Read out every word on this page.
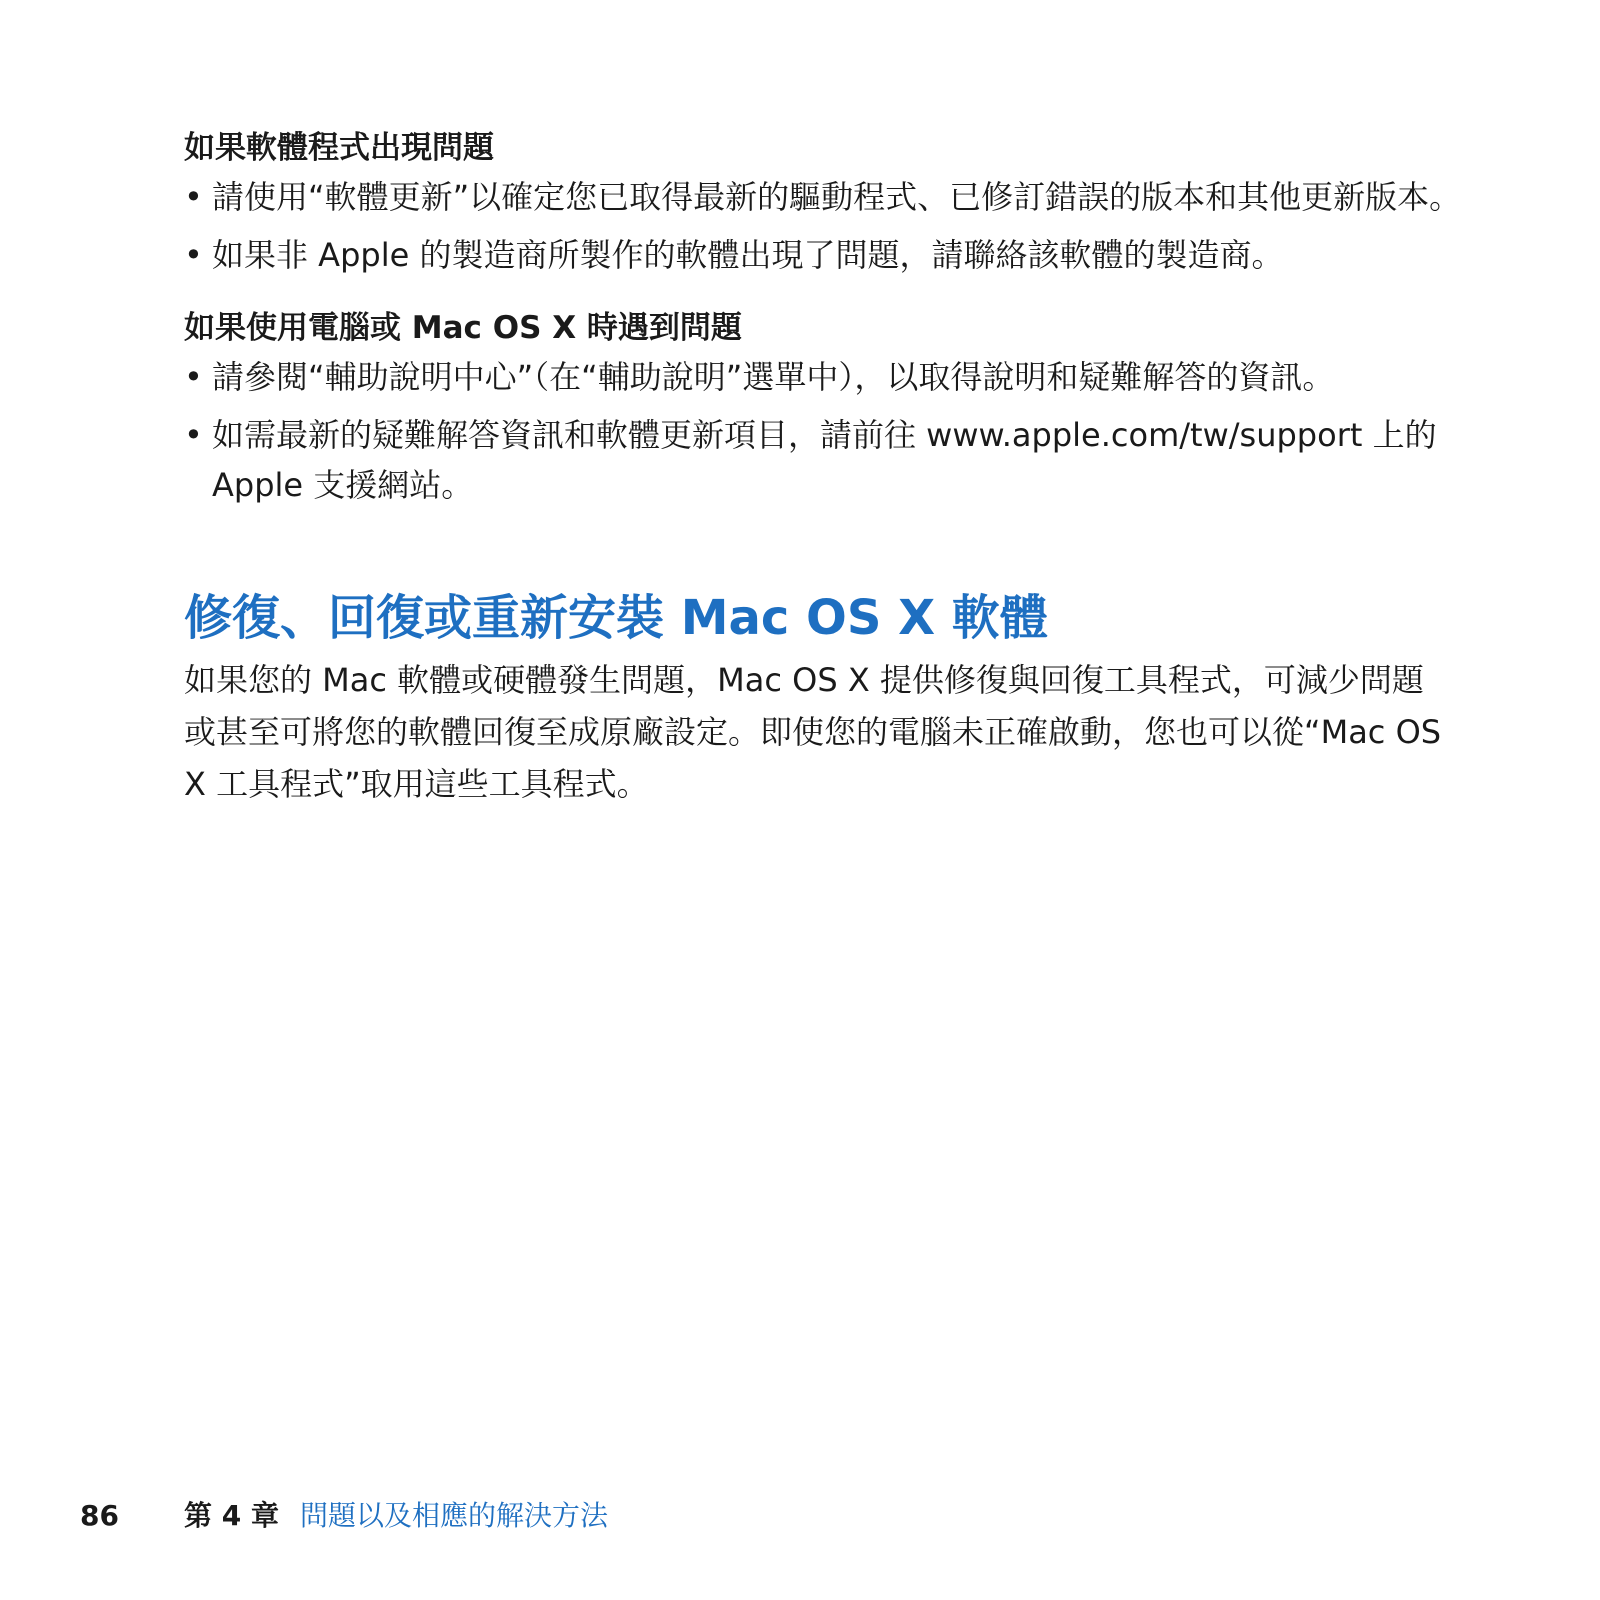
如果軟體程式出現問題
• 請使用“軟體更新”以確定您已取得最新的驅動程式、已修訂錯誤的版本和其他更新版本。
• 如果非 Apple 的製造商所製作的軟體出現了問題，請聯絡該軟體的製造商。
如果使用電腦或 Mac OS X 時遇到問題
• 請參閱“輔助說明中心”（在“輔助說明”選單中），以取得說明和疑難解答的資訊。
• 如需最新的疑難解答資訊和軟體更新項目，請前往 www.apple.com/tw/support 上的 Apple 支援網站。
修復、回復或重新安裝 Mac OS X 軟體

如果您的 Mac 軟體或硬體發生問題，Mac OS X 提供修復與回復工具程式，可減少問題或甚至可將您的軟體回復至成原廠設定。即使您的電腦未正確啟動，您也可以從“Mac OS X 工具程式”取用這些工具程式。

86 第 4 章 問題以及相應的解決方法
